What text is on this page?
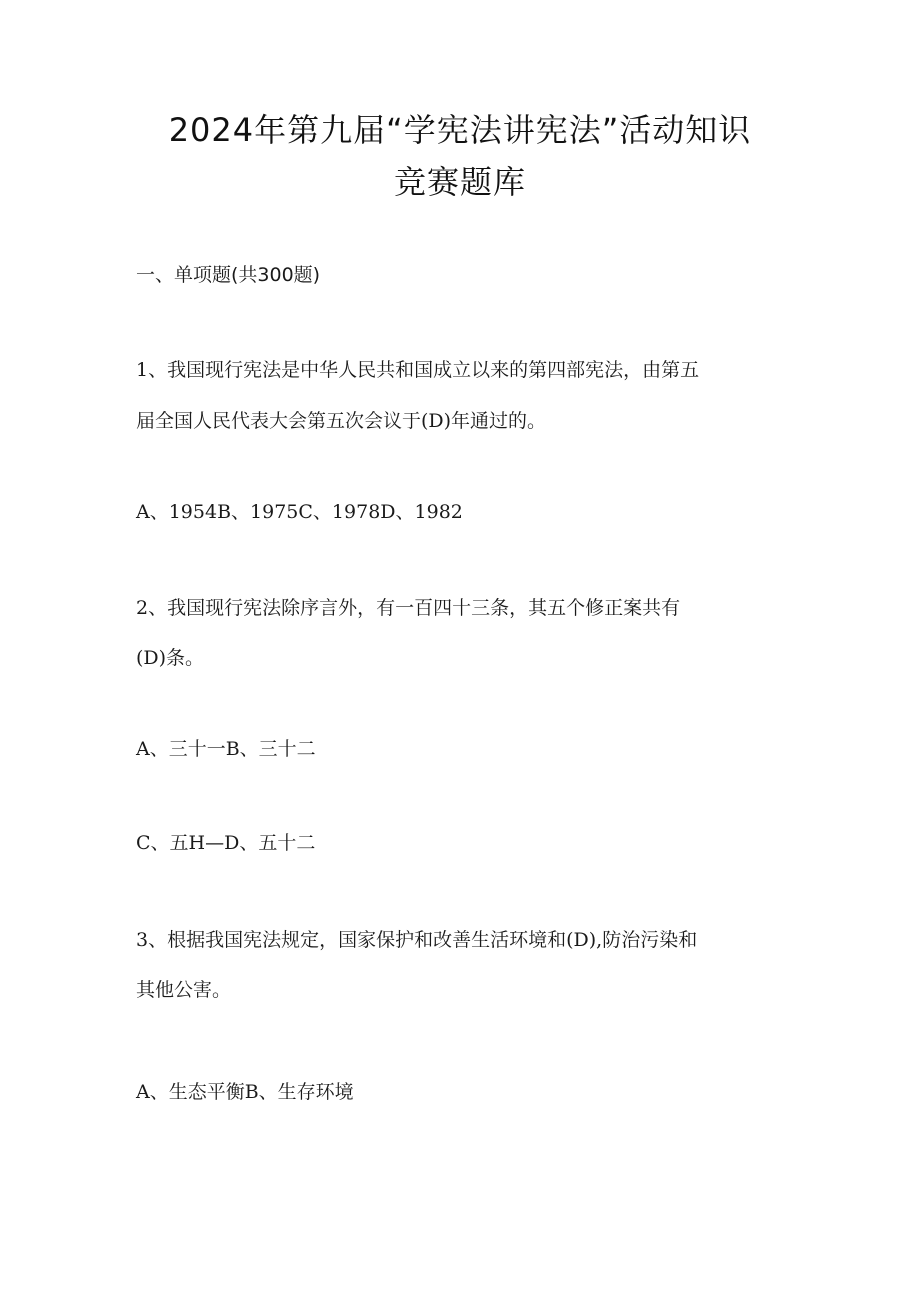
2024年第九届“学宪法讲宪法”活动知识
竞赛题库
一、单项题(共300题)
1、我国现行宪法是中华人民共和国成立以来的第四部宪法，由第五
届全国人民代表大会第五次会议于(D)年通过的。
A、1954B、1975C、1978D、1982
2、我国现行宪法除序言外，有一百四十三条，其五个修正案共有
(D)条。
A、三十一B、三十二
C、五H—D、五十二
3、根据我国宪法规定，国家保护和改善生活环境和(D),防治污染和
其他公害。
A、生态平衡B、生存环境
